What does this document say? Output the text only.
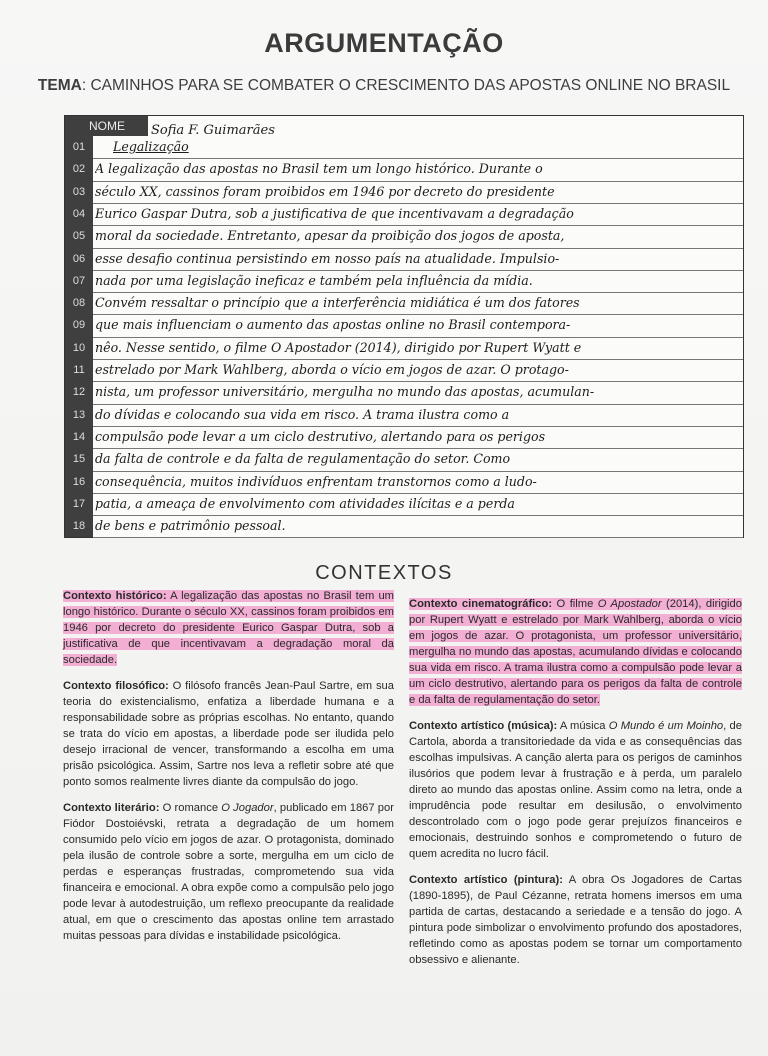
ARGUMENTAÇÃO
TEMA: CAMINHOS PARA SE COMBATER O CRESCIMENTO DAS APOSTAS ONLINE NO BRASIL
NOME	Sofia F. Guimarães
01	Legalização
02 A legalização das apostas no Brasil tem um longo histórico. Durante o
03 século XX, cassinos foram proibidos em 1946 por decreto do presidente
04 Eurico Gaspar Dutra, sob a justificativa de que incentivavam a degradação
05 moral da sociedade. Entretanto, apesar da proibição dos jogos de aposta,
06 esse desafio continua persistindo em nosso país na atualidade. Impulsio-
07 nada por uma legislação ineficaz e também pela influência da mídia.
08 Convém ressaltar o princípio que a interferência midiática é um dos fatores
09 que mais influenciam o aumento das apostas online no Brasil contempora-
10 nêo. Nesse sentido, o filme O Apostador (2014), dirigido por Rupert Wyatt e
11 estrelado por Mark Wahlberg, aborda o vício em jogos de azar. O protago-
12 nista, um professor universitário, mergulha no mundo das apostas, acumulan-
13 do dívidas e colocando sua vida em risco. A trama ilustra como a
14 compulsão pode levar a um ciclo destrutivo, alertando para os perigos
15 da falta de controle e da falta de regulamentação do setor. Como
16 consequência, muitos indivíduos enfrentam transtornos como a ludo-
17 patia, a ameaça de envolvimento com atividades ilícitas e a perda
18 de bens e patrimônio pessoal.
CONTEXTOS

Contexto histórico: A legalização das apostas no Brasil tem um longo histórico. Durante o século XX, cassinos foram proibidos em 1946 por decreto do presidente Eurico Gaspar Dutra, sob a justificativa de que incentivavam a degradação moral da sociedade.

Contexto filosófico: O filósofo francês Jean-Paul Sartre, em sua teoria do existencialismo, enfatiza a liberdade humana e a responsabilidade sobre as próprias escolhas. No entanto, quando se trata do vício em apostas, a liberdade pode ser iludida pelo desejo irracional de vencer, transformando a escolha em uma prisão psicológica. Assim, Sartre nos leva a refletir sobre até que ponto somos realmente livres diante da compulsão do jogo.

Contexto literário: O romance O Jogador, publicado em 1867 por Fiódor Dostoiévski, retrata a degradação de um homem consumido pelo vício em jogos de azar. O protagonista, dominado pela ilusão de controle sobre a sorte, mergulha em um ciclo de perdas e esperanças frustradas, comprometendo sua vida financeira e emocional. A obra expõe como a compulsão pelo jogo pode levar à autodestruição, um reflexo preocupante da realidade atual, em que o crescimento das apostas online tem arrastado muitas pessoas para dívidas e instabilidade psicológica.

Contexto cinematográfico: O filme O Apostador (2014), dirigido por Rupert Wyatt e estrelado por Mark Wahlberg, aborda o vício em jogos de azar. O protagonista, um professor universitário, mergulha no mundo das apostas, acumulando dívidas e colocando sua vida em risco. A trama ilustra como a compulsão pode levar a um ciclo destrutivo, alertando para os perigos da falta de controle e da falta de regulamentação do setor.

Contexto artístico (música): A música O Mundo é um Moinho, de Cartola, aborda a transitoriedade da vida e as consequências das escolhas impulsivas. A canção alerta para os perigos de caminhos ilusórios que podem levar à frustração e à perda, um paralelo direto ao mundo das apostas online. Assim como na letra, onde a imprudência pode resultar em desilusão, o envolvimento descontrolado com o jogo pode gerar prejuízos financeiros e emocionais, destruindo sonhos e comprometendo o futuro de quem acredita no lucro fácil.

Contexto artístico (pintura): A obra Os Jogadores de Cartas (1890-1895), de Paul Cézanne, retrata homens imersos em uma partida de cartas, destacando a seriedade e a tensão do jogo. A pintura pode simbolizar o envolvimento profundo dos apostadores, refletindo como as apostas podem se tornar um comportamento obsessivo e alienante.
